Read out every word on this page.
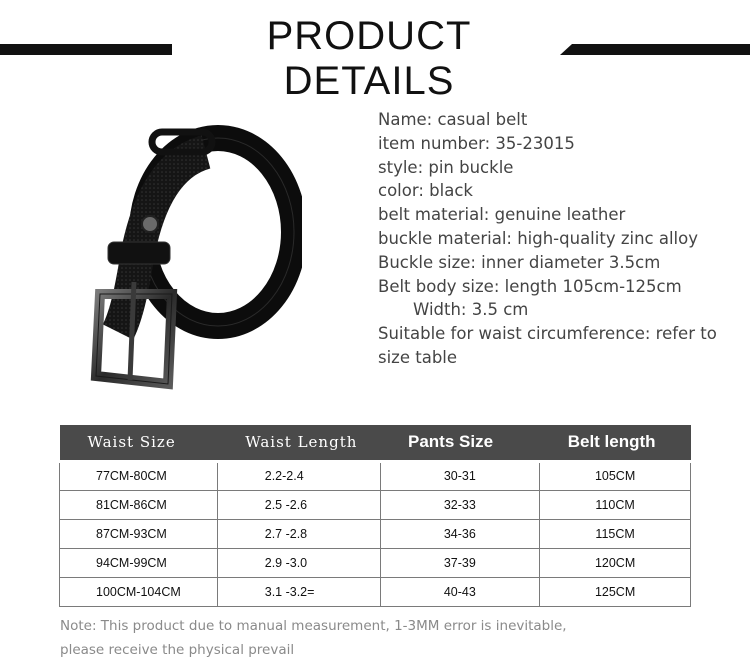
PRODUCT DETAILS
Name: casual belt
item number: 35-23015
style: pin buckle
color: black
belt material: genuine leather
buckle material: high-quality zinc alloy
Buckle size: inner diameter 3.5cm
Belt body size: length 105cm-125cm
Width: 3.5 cm
Suitable for waist circumference: refer to
size table
Waist Size	Waist Length	Pants Size	Belt length
77CM-80CM	2.2-2.4	30-31	105CM
81CM-86CM	2.5 -2.6	32-33	110CM
87CM-93CM	2.7 -2.8	34-36	115CM
94CM-99CM	2.9 -3.0	37-39	120CM
100CM-104CM	3.1 -3.2=	40-43	125CM
Note: This product due to manual measurement, 1-3MM error is inevitable,
please receive the physical prevail
